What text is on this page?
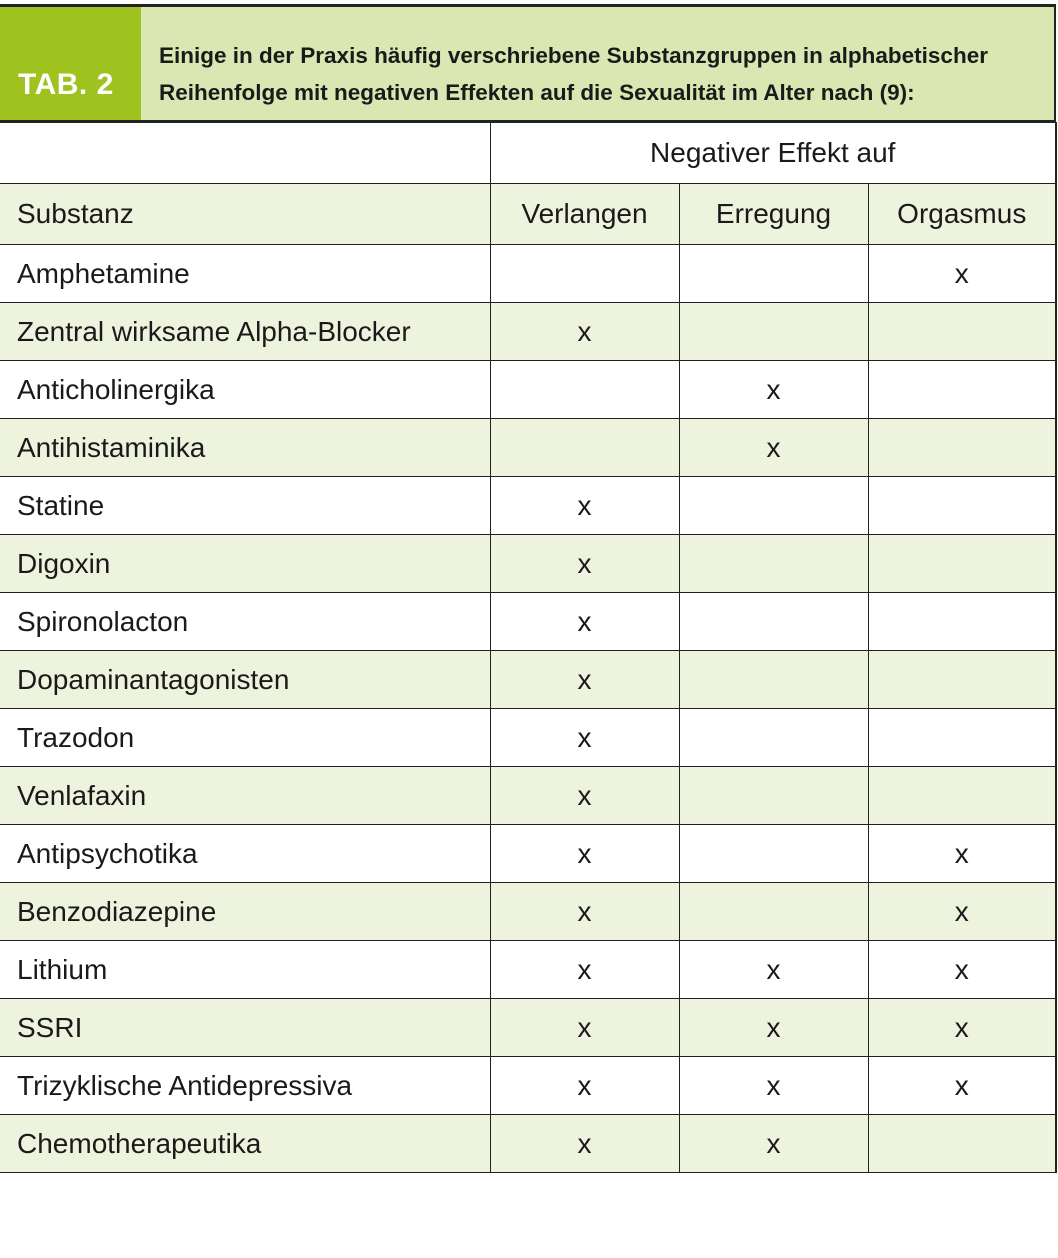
TAB. 2
Einige in der Praxis häufig verschriebene Substanzgruppen in alphabetischer
Reihenfolge mit negativen Effekten auf die Sexualität im Alter nach (9):
	Negativer Effekt auf		
Substanz	Verlangen	Erregung	Orgasmus
Amphetamine			x
Zentral wirksame Alpha-Blocker	x		
Anticholinergika		x	
Antihistaminika		x	
Statine	x		
Digoxin	x		
Spironolacton	x		
Dopaminantagonisten	x		
Trazodon	x		
Venlafaxin	x		
Antipsychotika	x		x
Benzodiazepine	x		x
Lithium	x	x	x
SSRI	x	x	x
Trizyklische Antidepressiva	x	x	x
Chemotherapeutika	x	x	
